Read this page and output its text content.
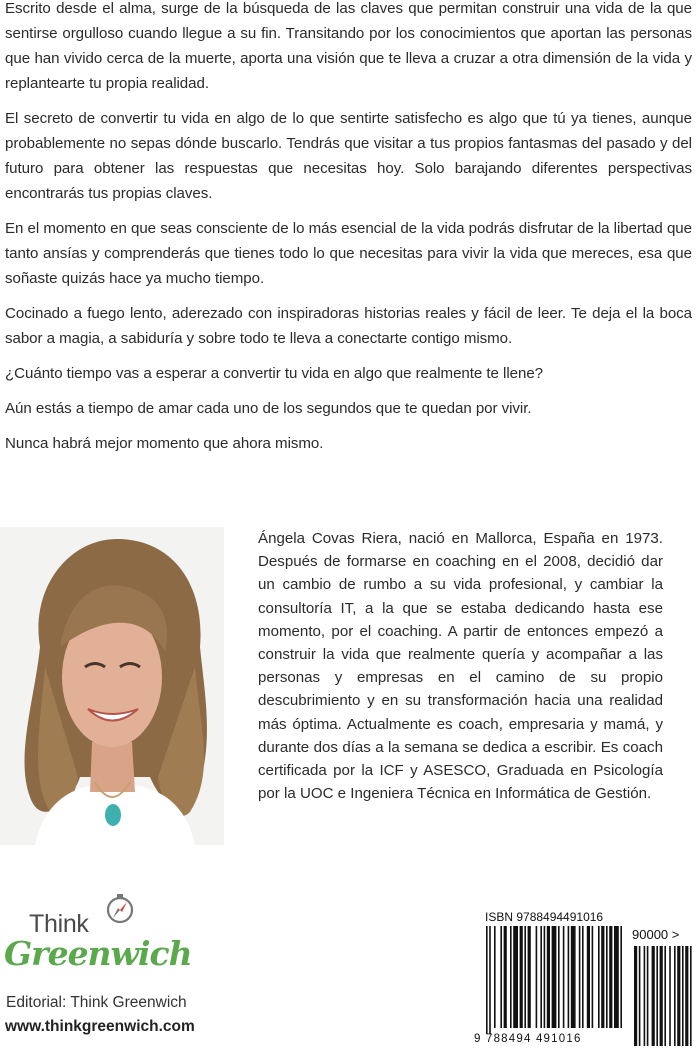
Escrito desde el alma, surge de la búsqueda de las claves que permitan construir una vida de la que sentirse orgulloso cuando llegue a su fin. Transitando por los conocimientos que aportan las personas que han vivido cerca de la muerte, aporta una visión que te lleva a cruzar a otra dimensión de la vida y replantearte tu propia realidad.

El secreto de convertir tu vida en algo de lo que sentirte satisfecho es algo que tú ya tienes, aunque probablemente no sepas dónde buscarlo. Tendrás que visitar a tus propios fantasmas del pasado y del futuro para obtener las respuestas que necesitas hoy. Solo barajando diferentes perspectivas encontrarás tus propias claves.

En el momento en que seas consciente de lo más esencial de la vida podrás disfrutar de la libertad que tanto ansías y comprenderás que tienes todo lo que necesitas para vivir la vida que mereces, esa que soñaste quizás hace ya mucho tiempo.

Cocinado a fuego lento, aderezado con inspiradoras historias reales y fácil de leer. Te deja el la boca sabor a magia, a sabiduría y sobre todo te lleva a conectarte contigo mismo.

¿Cuánto tiempo vas a esperar a convertir tu vida en algo que realmente te llene?

Aún estás a tiempo de amar cada uno de los segundos que te quedan por vivir.

Nunca habrá mejor momento que ahora mismo.

Ángela Covas Riera, nació en Mallorca, España en 1973. Después de formarse en coaching en el 2008, decidió dar un cambio de rumbo a su vida profesional, y cambiar la consultoría IT, a la que se estaba dedicando hasta ese momento, por el coaching. A partir de entonces empezó a construir la vida que realmente quería y acompañar a las personas y empresas en el camino de su propio descubrimiento y en su transformación hacia una realidad más óptima. Actualmente es coach, empresaria y mamá, y durante dos días a la semana se dedica a escribir. Es coach certificada por la ICF y ASESCO, Graduada en Psicología por la UOC e Ingeniera Técnica en Informática de Gestión.
Think
Greenwich
Editorial: Think Greenwich
www.thinkgreenwich.com
ISBN 9788494491016
90000 >
9 788494 491016
